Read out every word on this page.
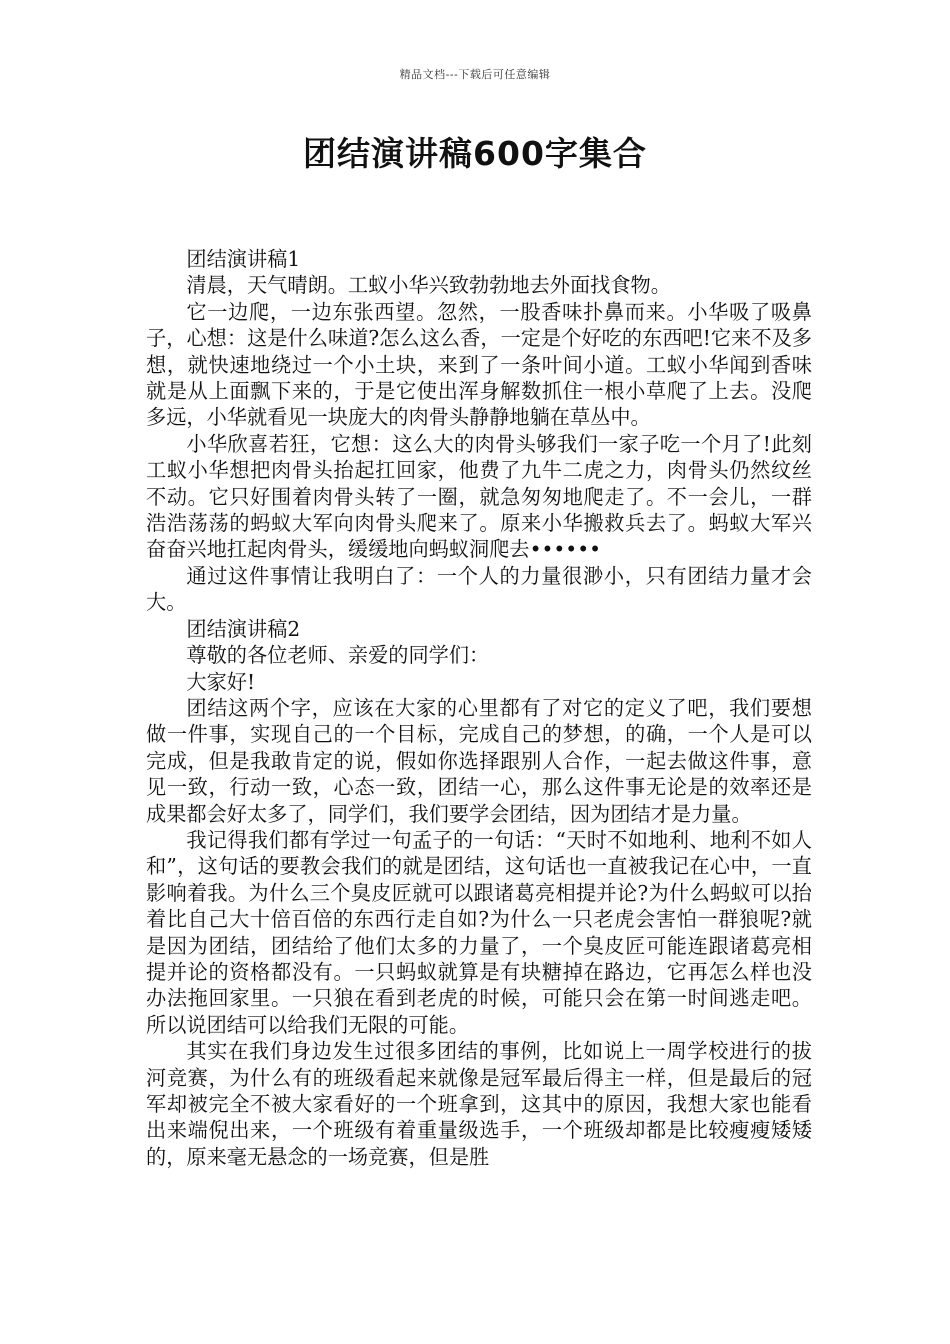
精品文档---下载后可任意编辑
团结演讲稿600字集合

团结演讲稿1

清晨，天气晴朗。工蚁小华兴致勃勃地去外面找食物。

它一边爬，一边东张西望。忽然，一股香味扑鼻而来。小华吸了吸鼻子，心想：这是什么味道?怎么这么香，一定是个好吃的东西吧!它来不及多想，就快速地绕过一个小土块，来到了一条叶间小道。工蚁小华闻到香味就是从上面飘下来的，于是它使出浑身解数抓住一根小草爬了上去。没爬多远，小华就看见一块庞大的肉骨头静静地躺在草丛中。

小华欣喜若狂，它想：这么大的肉骨头够我们一家子吃一个月了!此刻工蚁小华想把肉骨头抬起扛回家，他费了九牛二虎之力，肉骨头仍然纹丝不动。它只好围着肉骨头转了一圈，就急匆匆地爬走了。不一会儿，一群浩浩荡荡的蚂蚁大军向肉骨头爬来了。原来小华搬救兵去了。蚂蚁大军兴奋奋兴地扛起肉骨头，缓缓地向蚂蚁洞爬去••••••

通过这件事情让我明白了：一个人的力量很渺小，只有团结力量才会大。

团结演讲稿2

尊敬的各位老师、亲爱的同学们：

大家好!

团结这两个字，应该在大家的心里都有了对它的定义了吧，我们要想做一件事，实现自己的一个目标，完成自己的梦想，的确，一个人是可以完成，但是我敢肯定的说，假如你选择跟别人合作，一起去做这件事，意见一致，行动一致，心态一致，团结一心，那么这件事无论是的效率还是成果都会好太多了，同学们，我们要学会团结，因为团结才是力量。

我记得我们都有学过一句孟子的一句话：“天时不如地利、地利不如人和”，这句话的要教会我们的就是团结，这句话也一直被我记在心中，一直影响着我。为什么三个臭皮匠就可以跟诸葛亮相提并论?为什么蚂蚁可以抬着比自己大十倍百倍的东西行走自如?为什么一只老虎会害怕一群狼呢?就是因为团结，团结给了他们太多的力量了，一个臭皮匠可能连跟诸葛亮相提并论的资格都没有。一只蚂蚁就算是有块糖掉在路边，它再怎么样也没办法拖回家里。一只狼在看到老虎的时候，可能只会在第一时间逃走吧。所以说团结可以给我们无限的可能。

其实在我们身边发生过很多团结的事例，比如说上一周学校进行的拔河竞赛，为什么有的班级看起来就像是冠军最后得主一样，但是最后的冠军却被完全不被大家看好的一个班拿到，这其中的原因，我想大家也能看出来端倪出来，一个班级有着重量级选手，一个班级却都是比较瘦瘦矮矮的，原来毫无悬念的一场竞赛，但是胜
